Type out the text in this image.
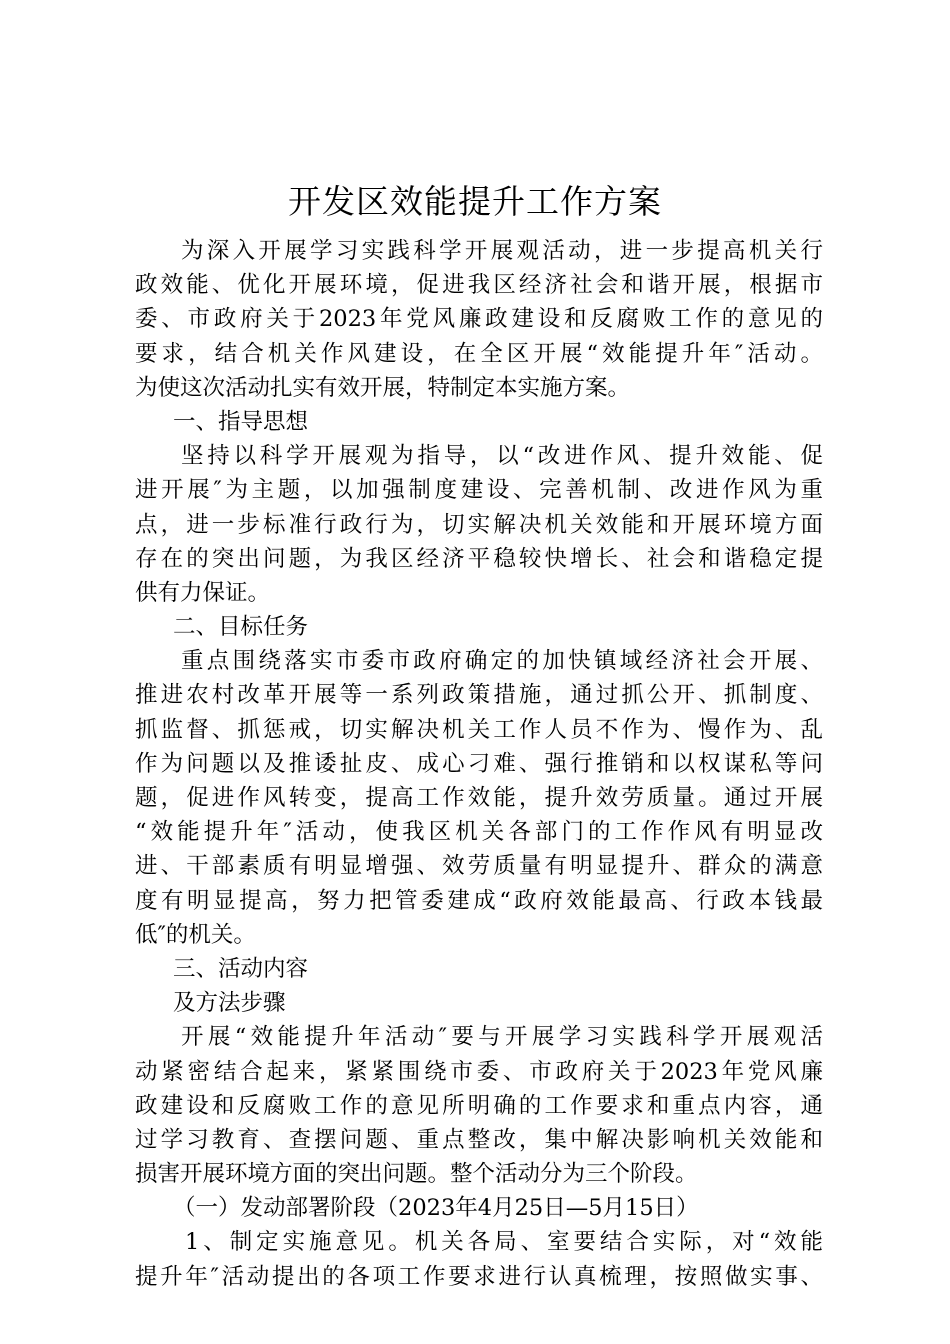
开发区效能提升工作方案
为深入开展学习实践科学开展观活动，进一步提高机关行
政效能、优化开展环境，促进我区经济社会和谐开展，根据市
委、市政府关于2023年党风廉政建设和反腐败工作的意见的
要求，结合机关作风建设，在全区开展“效能提升年″活动。
为使这次活动扎实有效开展，特制定本实施方案。
一、指导思想
坚持以科学开展观为指导，以“改进作风、提升效能、促
进开展″为主题，以加强制度建设、完善机制、改进作风为重
点，进一步标准行政行为，切实解决机关效能和开展环境方面
存在的突出问题，为我区经济平稳较快增长、社会和谐稳定提
供有力保证。
二、目标任务
重点围绕落实市委市政府确定的加快镇域经济社会开展、
推进农村改革开展等一系列政策措施，通过抓公开、抓制度、
抓监督、抓惩戒，切实解决机关工作人员不作为、慢作为、乱
作为问题以及推诿扯皮、成心刁难、强行推销和以权谋私等问
题，促进作风转变，提高工作效能，提升效劳质量。通过开展
“效能提升年″活动，使我区机关各部门的工作作风有明显改
进、干部素质有明显增强、效劳质量有明显提升、群众的满意
度有明显提高，努力把管委建成“政府效能最高、行政本钱最
低″的机关。
三、活动内容
及方法步骤
开展“效能提升年活动″要与开展学习实践科学开展观活
动紧密结合起来，紧紧围绕市委、市政府关于2023年党风廉
政建设和反腐败工作的意见所明确的工作要求和重点内容，通
过学习教育、查摆问题、重点整改，集中解决影响机关效能和
损害开展环境方面的突出问题。整个活动分为三个阶段。
（一）发动部署阶段（2023年4月25日—5月15日）
1、制定实施意见。机关各局、室要结合实际，对“效能
提升年″活动提出的各项工作要求进行认真梳理，按照做实事、
